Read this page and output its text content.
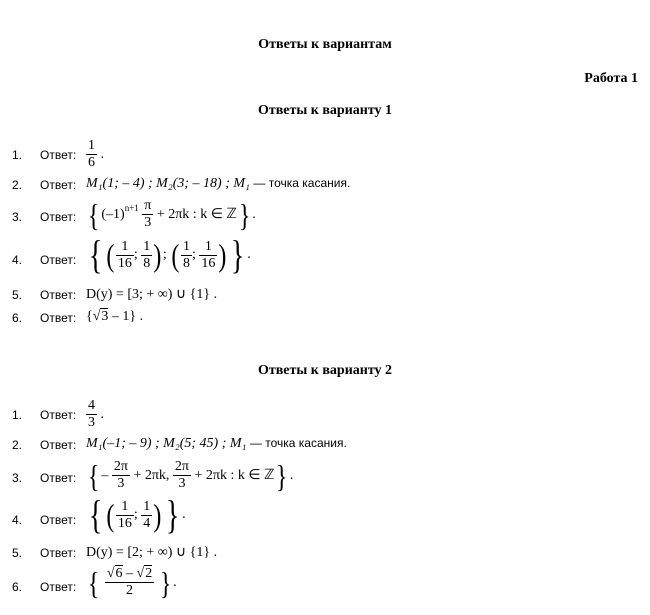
Ответы к вариантам
Работа 1
Ответы к варианту 1
1. Ответ: $\frac{1}{6}$ .
2. Ответ: M₁(1; – 4) ; M₂(3; – 18) ; M₁ — точка касания.
3. Ответ: { $(-1)n+1 \frac{\pi}{3} + 2\pi k$ : k ∈ ℤ} .
4. Ответ: { ( $\frac{1}{16}$ ; $\frac{1}{8}$ ); ( $\frac{1}{8}$ ; $\frac{1}{16}$ ) } .
5. Ответ: D(y) = [3; + ∞) ∪ {1} .
6. Ответ: {√3 – 1} .
Ответы к варианту 2
1. Ответ: $\frac{4}{3}$ .
2. Ответ: M₁(–1; – 9) ; M₂(5; 45) ; M₁ — точка касания.
3. Ответ: { – $\frac{2\pi}{3} + 2\pi k$, $\frac{2\pi}{3} + 2\pi k$ : k ∈ ℤ} .
4. Ответ: { ( $\frac{1}{16}$ ; $\frac{1}{4}$ ) } .
5. Ответ: D(y) = [2; + ∞) ∪ {1} .
6. Ответ: { $\frac{√6 - √2}{2}$ } .
